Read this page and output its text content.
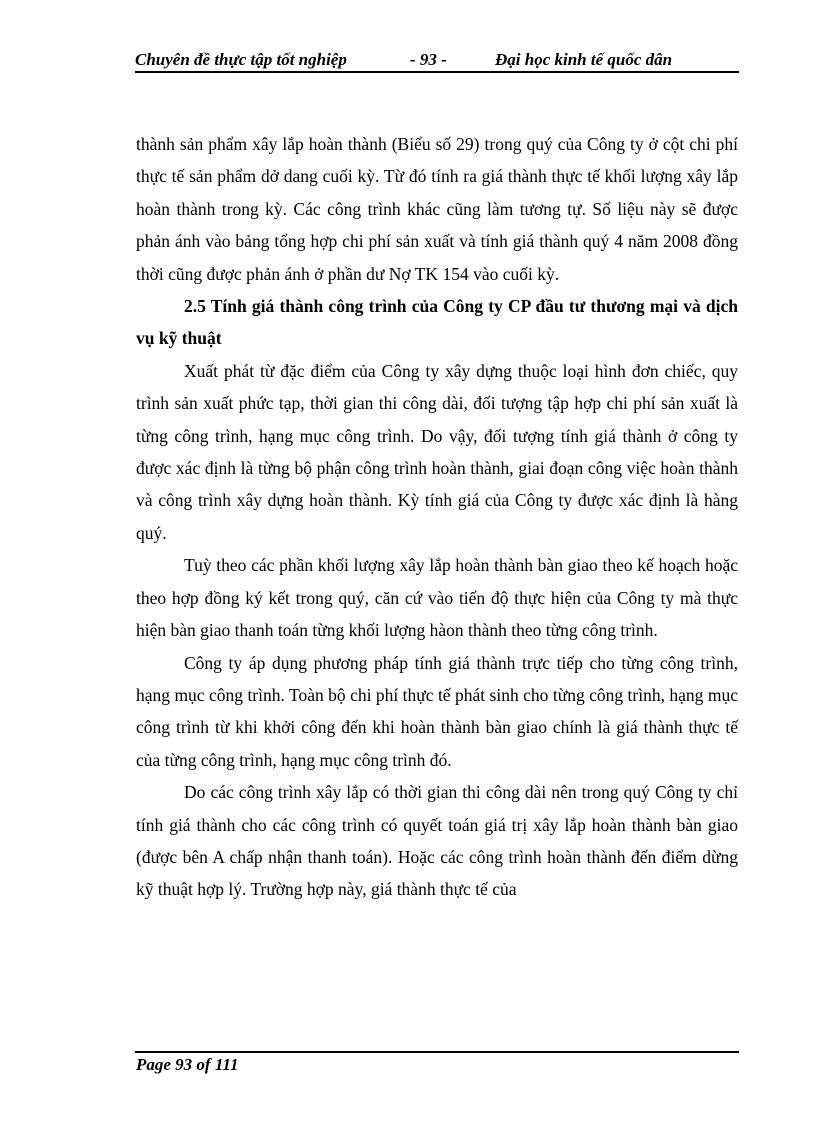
Chuyên đề thực tập tốt nghiệp	- 93 -	Đại học kinh tế quốc dân

thành sản phẩm xây lắp hoàn thành (Biểu số 29) trong quý của Công ty ở cột chi phí thực tế sản phẩm dở dang cuối kỳ. Từ đó tính ra giá thành thực tế khối lượng xây lắp hoàn thành trong kỳ. Các công trình khác cũng làm tương tự. Số liệu này sẽ được phản ánh vào bảng tổng hợp chi phí sản xuất và tính giá thành quý 4 năm 2008 đồng thời cũng được phản ánh ở phần dư Nợ TK 154 vào cuối kỳ.

2.5 Tính giá thành công trình của Công ty CP đầu tư thương mại và dịch vụ kỹ thuật

Xuất phát từ đặc điểm của Công ty xây dựng thuộc loại hình đơn chiếc, quy trình sản xuất phức tạp, thời gian thi công dài, đối tượng tập hợp chi phí sản xuất là từng công trình, hạng mục công trình. Do vậy, đối tượng tính giá thành ở công ty được xác định là từng bộ phận công trình hoàn thành, giai đoạn công việc hoàn thành và công trình xây dựng hoàn thành. Kỳ tính giá của Công ty được xác định là hàng quý.

Tuỳ theo các phần khối lượng xây lắp hoàn thành bàn giao theo kế hoạch hoặc theo hợp đồng ký kết trong quý, căn cứ vào tiến độ thực hiện của Công ty mà thực hiện bàn giao thanh toán từng khối lượng hàon thành theo từng công trình.

Công ty áp dụng phương pháp tính giá thành trực tiếp cho từng công trình, hạng mục công trình. Toàn bộ chi phí thực tế phát sinh cho từng công trình, hạng mục công trình từ khi khởi công đến khi hoàn thành bàn giao chính là giá thành thực tế của từng công trình, hạng mục công trình đó.

Do các công trình xây lắp có thời gian thi công dài nên trong quý Công ty chỉ tính giá thành cho các công trình có quyết toán giá trị xây lắp hoàn thành bàn giao (được bên A chấp nhận thanh toán). Hoặc các công trình hoàn thành đến điểm dừng kỹ thuật hợp lý. Trường hợp này, giá thành thực tế của

Page 93 of 111
